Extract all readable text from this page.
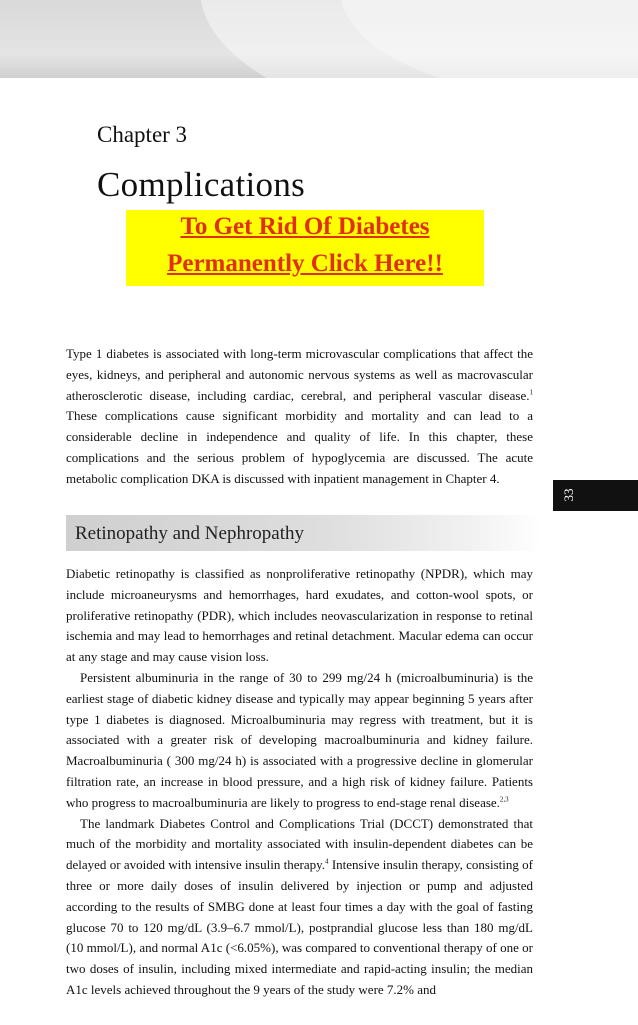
Chapter 3
Complications
To Get Rid Of Diabetes
Permanently Click Here!!

Type 1 diabetes is associated with long-term microvascular complications that affect the eyes, kidneys, and peripheral and autonomic nervous systems as well as macrovascular atherosclerotic disease, including cardiac, cerebral, and peripheral vascular disease.$^1$ These complications cause significant morbidity and mortality and can lead to a considerable decline in independence and quality of life. In this chapter, these complications and the serious problem of hypoglycemia are discussed. The acute metabolic complication DKA is discussed with inpatient management in Chapter 4.

33
Retinopathy and Nephropathy

Diabetic retinopathy is classified as nonproliferative retinopathy (NPDR), which may include microaneurysms and hemorrhages, hard exudates, and cotton-wool spots, or proliferative retinopathy (PDR), which includes neovascularization in response to retinal ischemia and may lead to hemorrhages and retinal detachment. Macular edema can occur at any stage and may cause vision loss.

Persistent albuminuria in the range of 30 to 299 mg/24 h (microalbuminuria) is the earliest stage of diabetic kidney disease and typically may appear beginning 5 years after type 1 diabetes is diagnosed. Microalbuminuria may regress with treatment, but it is associated with a greater risk of developing macroalbuminuria and kidney failure. Macroalbuminuria ( 300 mg/24 h) is associated with a progressive decline in glomerular filtration rate, an increase in blood pressure, and a high risk of kidney failure. Patients who progress to macroalbuminuria are likely to progress to end-stage renal disease.$^{2,3}$

The landmark Diabetes Control and Complications Trial (DCCT) demonstrated that much of the morbidity and mortality associated with insulin-dependent diabetes can be delayed or avoided with intensive insulin therapy.$^4$ Intensive insulin therapy, consisting of three or more daily doses of insulin delivered by injection or pump and adjusted according to the results of SMBG done at least four times a day with the goal of fasting glucose 70 to 120 mg/dL (3.9–6.7 mmol/L), postprandial glucose less than 180 mg/dL (10 mmol/L), and normal A1c (<6.05%), was compared to conventional therapy of one or two doses of insulin, including mixed intermediate and rapid-acting insulin; the median A1c levels achieved throughout the 9 years of the study were 7.2% and
